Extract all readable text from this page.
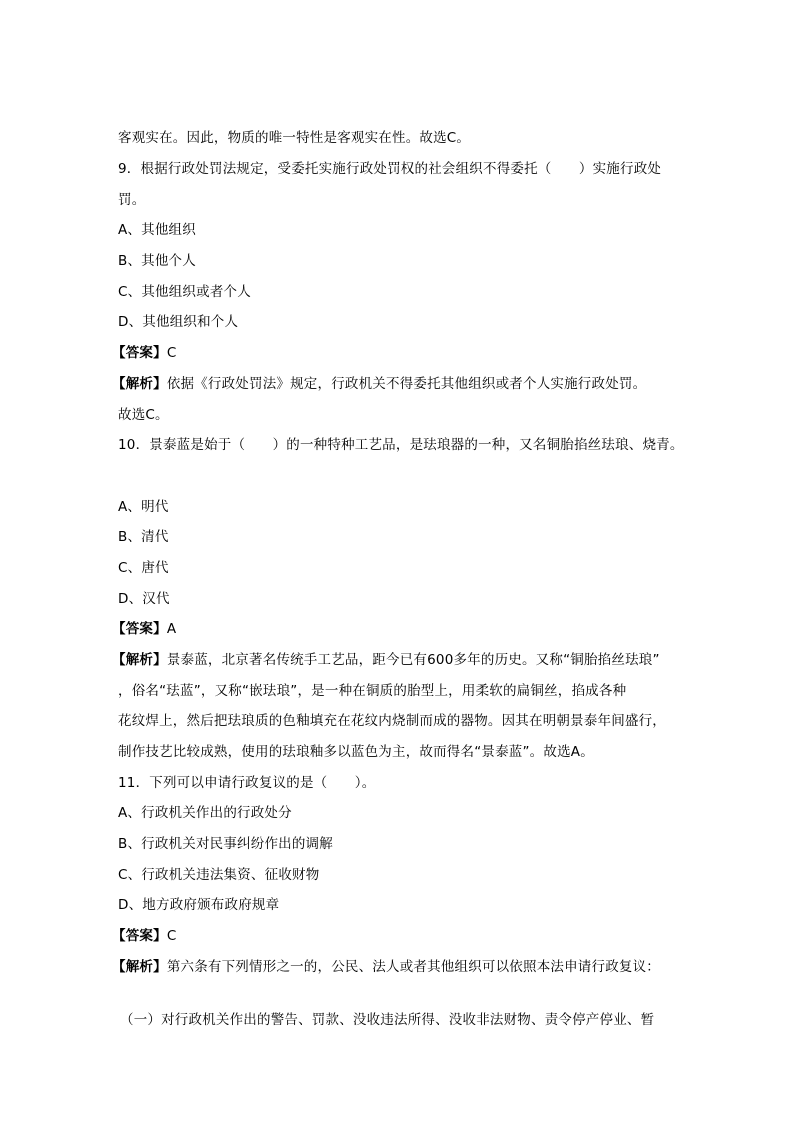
客观实在。因此，物质的唯一特性是客观实在性。故选C。
9．根据行政处罚法规定，受委托实施行政处罚权的社会组织不得委托（　　）实施行政处
罚。
A、其他组织
B、其他个人
C、其他组织或者个人
D、其他组织和个人
【答案】C
【解析】依据《行政处罚法》规定，行政机关不得委托其他组织或者个人实施行政处罚。
故选C。
10．景泰蓝是始于（　　）的一种特种工艺品，是珐琅器的一种，又名铜胎掐丝珐琅、烧青。
A、明代
B、清代
C、唐代
D、汉代
【答案】A
【解析】景泰蓝，北京著名传统手工艺品，距今已有600多年的历史。又称“铜胎掐丝珐琅”
，俗名“珐蓝”，又称“嵌珐琅”，是一种在铜质的胎型上，用柔软的扁铜丝，掐成各种
花纹焊上，然后把珐琅质的色釉填充在花纹内烧制而成的器物。因其在明朝景泰年间盛行，
制作技艺比较成熟，使用的珐琅釉多以蓝色为主，故而得名“景泰蓝”。故选A。
11．下列可以申请行政复议的是（　　）。
A、行政机关作出的行政处分
B、行政机关对民事纠纷作出的调解
C、行政机关违法集资、征收财物
D、地方政府颁布政府规章
【答案】C
【解析】第六条有下列情形之一的，公民、法人或者其他组织可以依照本法申请行政复议：
（一）对行政机关作出的警告、罚款、没收违法所得、没收非法财物、责令停产停业、暂
